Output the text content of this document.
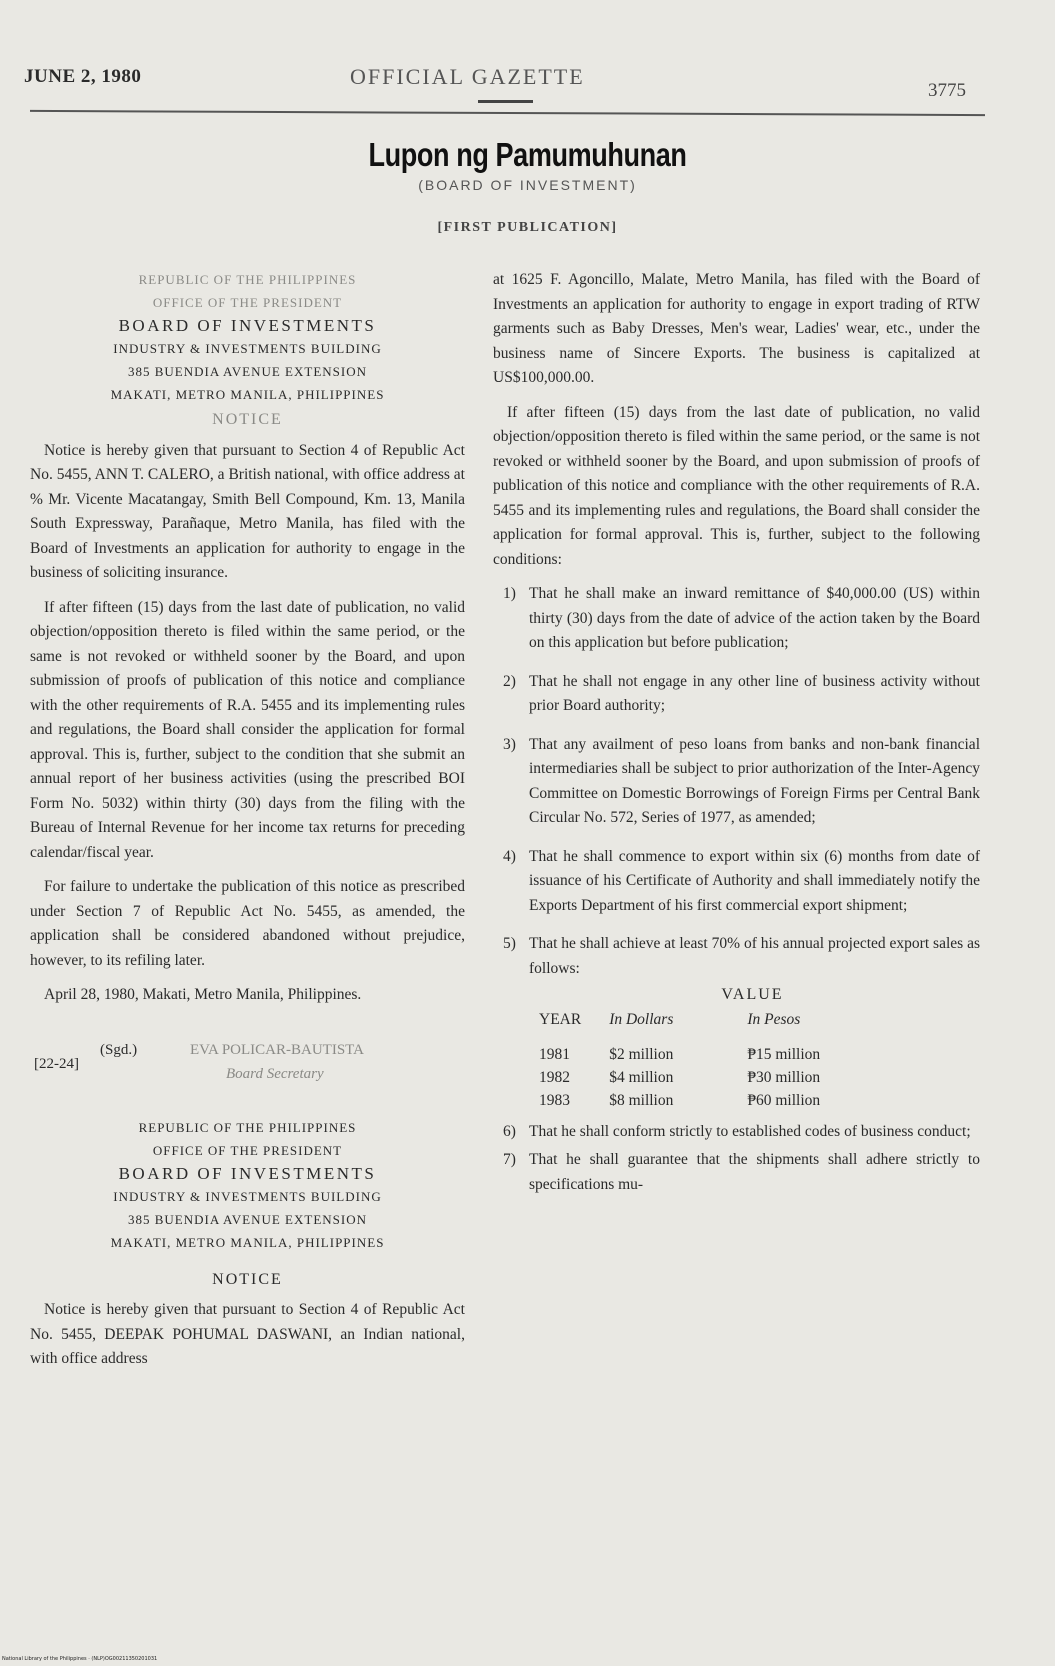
JUNE 2, 1980	OFFICIAL GAZETTE
3775
Lupon ng Pamumuhunan
(BOARD OF INVESTMENT)
[FIRST PUBLICATION]
REPUBLIC OF THE PHILIPPINES
OFFICE OF THE PRESIDENT
BOARD OF INVESTMENTS
INDUSTRY & INVESTMENTS BUILDING
385 BUENDIA AVENUE EXTENSION
MAKATI, METRO MANILA, PHILIPPINES
NOTICE

Notice is hereby given that pursuant to Section 4 of Republic Act No. 5455, ANN T. CALERO, a British national, with office address at % Mr. Vicente Macatangay, Smith Bell Compound, Km. 13, Manila South Expressway, Parañaque, Metro Manila, has filed with the Board of Investments an application for authority to engage in the business of soliciting insurance.

If after fifteen (15) days from the last date of publication, no valid objection/opposition thereto is filed within the same period, or the same is not revoked or withheld sooner by the Board, and upon submission of proofs of publication of this notice and compliance with the other requirements of R.A. 5455 and its implementing rules and regulations, the Board shall consider the application for formal approval. This is, further, subject to the condition that she submit an annual report of her business activities (using the prescribed BOI Form No. 5032) within thirty (30) days from the filing with the Bureau of Internal Revenue for her income tax returns for preceding calendar/fiscal year.

For failure to undertake the publication of this notice as prescribed under Section 7 of Republic Act No. 5455, as amended, the application shall be considered abandoned without prejudice, however, to its refiling later.

April 28, 1980, Makati, Metro Manila, Philippines.

[22-24]
(Sgd.)	EVA POLICAR-BAUTISTA
Board Secretary
REPUBLIC OF THE PHILIPPINES
OFFICE OF THE PRESIDENT
BOARD OF INVESTMENTS
INDUSTRY & INVESTMENTS BUILDING
385 BUENDIA AVENUE EXTENSION
MAKATI, METRO MANILA, PHILIPPINES
NOTICE

Notice is hereby given that pursuant to Section 4 of Republic Act No. 5455, DEEPAK POHUMAL DASWANI, an Indian national, with office address

at 1625 F. Agoncillo, Malate, Metro Manila, has filed with the Board of Investments an application for authority to engage in export trading of RTW garments such as Baby Dresses, Men's wear, Ladies' wear, etc., under the business name of Sincere Exports. The business is capitalized at US$100,000.00.

If after fifteen (15) days from the last date of publication, no valid objection/opposition thereto is filed within the same period, or the same is not revoked or withheld sooner by the Board, and upon submission of proofs of publication of this notice and compliance with the other requirements of R.A. 5455 and its implementing rules and regulations, the Board shall consider the application for formal approval. This is, further, subject to the following conditions:

1) That he shall make an inward remittance of $40,000.00 (US) within thirty (30) days from the date of advice of the action taken by the Board on this application but before publication;
2) That he shall not engage in any other line of business activity without prior Board authority;
3) That any availment of peso loans from banks and non-bank financial intermediaries shall be subject to prior authorization of the Inter-Agency Committee on Domestic Borrowings of Foreign Firms per Central Bank Circular No. 572, Series of 1977, as amended;
4) That he shall commence to export within six (6) months from date of issuance of his Certificate of Authority and shall immediately notify the Exports Department of his first commercial export shipment;
5) That he shall achieve at least 70% of his annual projected export sales as follows:
VALUE
YEAR	In Dollars	In Pesos

1981	$2 million	₱15 million
1982	$4 million	₱30 million
1983	$8 million	₱60 million
6) That he shall conform strictly to established codes of business conduct;
7) That he shall guarantee that the shipments shall adhere strictly to specifications mu-
National Library of the Philippines · (NLP)OG00211350201031
